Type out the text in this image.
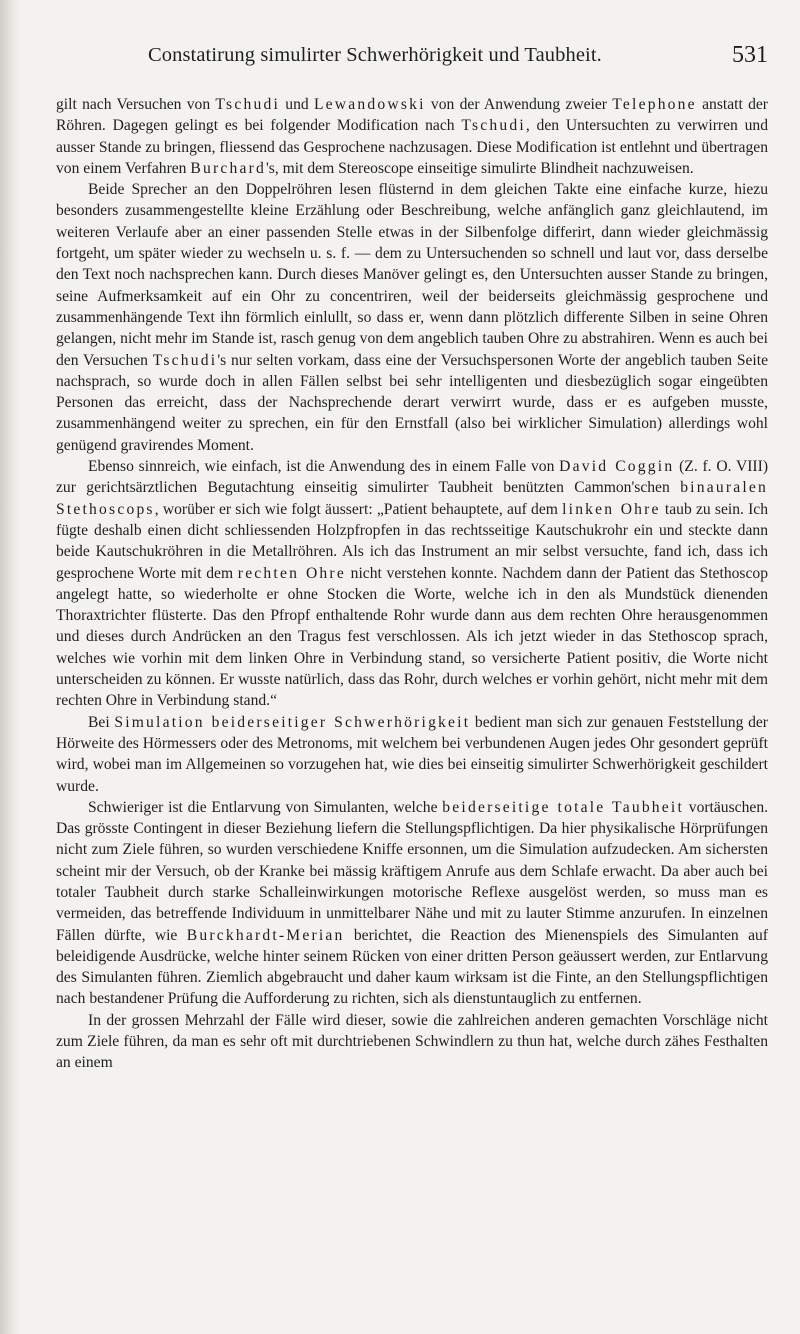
Constatirung simulirter Schwerhörigkeit und Taubheit.	531

gilt nach Versuchen von Tschudi und Lewandowski von der Anwendung zweier Telephone anstatt der Röhren. Dagegen gelingt es bei folgender Modification nach Tschudi, den Untersuchten zu verwirren und ausser Stande zu bringen, fliessend das Gesprochene nachzusagen. Diese Modification ist entlehnt und übertragen von einem Verfahren Burchard's, mit dem Stereoscope einseitige simulirte Blindheit nachzuweisen.

Beide Sprecher an den Doppelröhren lesen flüsternd in dem gleichen Takte eine einfache kurze, hiezu besonders zusammengestellte kleine Erzählung oder Beschreibung, welche anfänglich ganz gleichlautend, im weiteren Verlaufe aber an einer passenden Stelle etwas in der Silbenfolge differirt, dann wieder gleichmässig fortgeht, um später wieder zu wechseln u. s. f. — dem zu Untersuchenden so schnell und laut vor, dass derselbe den Text noch nachsprechen kann. Durch dieses Manöver gelingt es, den Untersuchten ausser Stande zu bringen, seine Aufmerksamkeit auf ein Ohr zu concentriren, weil der beiderseits gleichmässig gesprochene und zusammenhängende Text ihn förmlich einlullt, so dass er, wenn dann plötzlich differente Silben in seine Ohren gelangen, nicht mehr im Stande ist, rasch genug von dem angeblich tauben Ohre zu abstrahiren. Wenn es auch bei den Versuchen Tschudi's nur selten vorkam, dass eine der Versuchspersonen Worte der angeblich tauben Seite nachsprach, so wurde doch in allen Fällen selbst bei sehr intelligenten und diesbezüglich sogar eingeübten Personen das erreicht, dass der Nachsprechende derart verwirrt wurde, dass er es aufgeben musste, zusammenhängend weiter zu sprechen, ein für den Ernstfall (also bei wirklicher Simulation) allerdings wohl genügend gravirendes Moment.

Ebenso sinnreich, wie einfach, ist die Anwendung des in einem Falle von David Coggin (Z. f. O. VIII) zur gerichtsärztlichen Begutachtung einseitig simulirter Taubheit benützten Cammon'schen binauralen Stethoscops, worüber er sich wie folgt äussert: „Patient behauptete, auf dem linken Ohre taub zu sein. Ich fügte deshalb einen dicht schliessenden Holzpfropfen in das rechtsseitige Kautschukrohr ein und steckte dann beide Kautschukröhren in die Metallröhren. Als ich das Instrument an mir selbst versuchte, fand ich, dass ich gesprochene Worte mit dem rechten Ohre nicht verstehen konnte. Nachdem dann der Patient das Stethoscop angelegt hatte, so wiederholte er ohne Stocken die Worte, welche ich in den als Mundstück dienenden Thoraxtrichter flüsterte. Das den Pfropf enthaltende Rohr wurde dann aus dem rechten Ohre herausgenommen und dieses durch Andrücken an den Tragus fest verschlossen. Als ich jetzt wieder in das Stethoscop sprach, welches wie vorhin mit dem linken Ohre in Verbindung stand, so versicherte Patient positiv, die Worte nicht unterscheiden zu können. Er wusste natürlich, dass das Rohr, durch welches er vorhin gehört, nicht mehr mit dem rechten Ohre in Verbindung stand.“

Bei Simulation beiderseitiger Schwerhörigkeit bedient man sich zur genauen Feststellung der Hörweite des Hörmessers oder des Metronoms, mit welchem bei verbundenen Augen jedes Ohr gesondert geprüft wird, wobei man im Allgemeinen so vorzugehen hat, wie dies bei einseitig simulirter Schwerhörigkeit geschildert wurde.

Schwieriger ist die Entlarvung von Simulanten, welche beiderseitige totale Taubheit vortäuschen. Das grösste Contingent in dieser Beziehung liefern die Stellungspflichtigen. Da hier physikalische Hörprüfungen nicht zum Ziele führen, so wurden verschiedene Kniffe ersonnen, um die Simulation aufzudecken. Am sichersten scheint mir der Versuch, ob der Kranke bei mässig kräftigem Anrufe aus dem Schlafe erwacht. Da aber auch bei totaler Taubheit durch starke Schalleinwirkungen motorische Reflexe ausgelöst werden, so muss man es vermeiden, das betreffende Individuum in unmittelbarer Nähe und mit zu lauter Stimme anzurufen. In einzelnen Fällen dürfte, wie Burckhardt-Merian berichtet, die Reaction des Mienenspiels des Simulanten auf beleidigende Ausdrücke, welche hinter seinem Rücken von einer dritten Person geäussert werden, zur Entlarvung des Simulanten führen. Ziemlich abgebraucht und daher kaum wirksam ist die Finte, an den Stellungspflichtigen nach bestandener Prüfung die Aufforderung zu richten, sich als dienstuntauglich zu entfernen.

In der grossen Mehrzahl der Fälle wird dieser, sowie die zahlreichen anderen gemachten Vorschläge nicht zum Ziele führen, da man es sehr oft mit durchtriebenen Schwindlern zu thun hat, welche durch zähes Festhalten an einem
